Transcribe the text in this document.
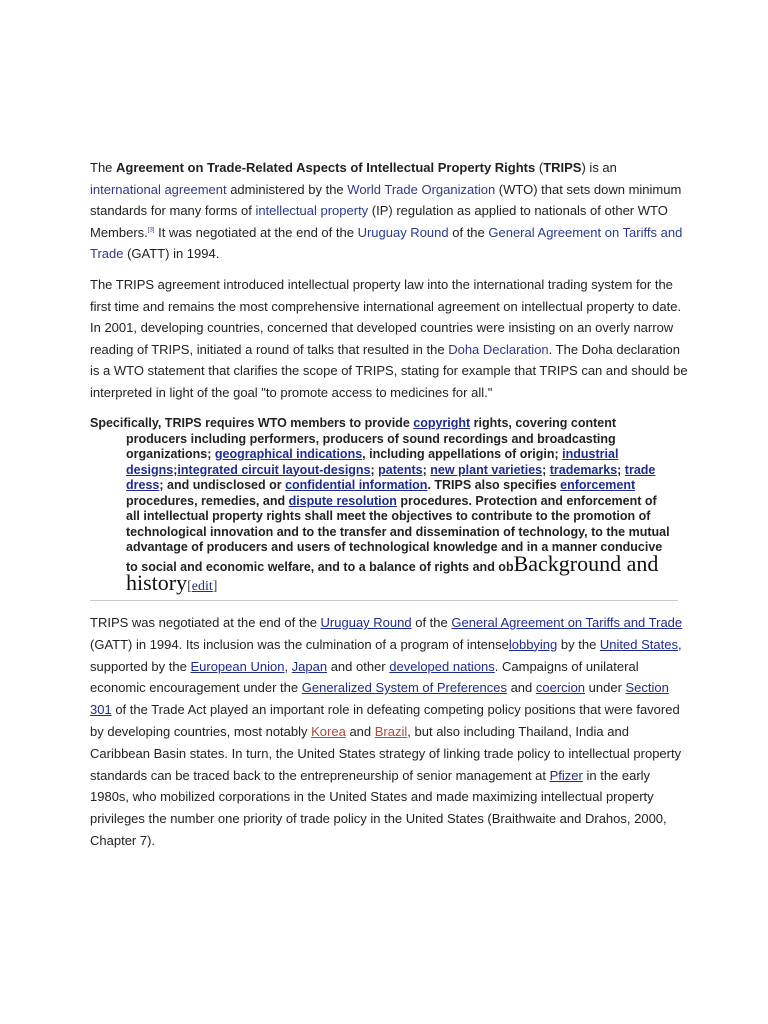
The Agreement on Trade-Related Aspects of Intellectual Property Rights (TRIPS) is an international agreement administered by the World Trade Organization (WTO) that sets down minimum standards for many forms of intellectual property (IP) regulation as applied to nationals of other WTO Members.[3] It was negotiated at the end of the Uruguay Round of the General Agreement on Tariffs and Trade (GATT) in 1994.
The TRIPS agreement introduced intellectual property law into the international trading system for the first time and remains the most comprehensive international agreement on intellectual property to date. In 2001, developing countries, concerned that developed countries were insisting on an overly narrow reading of TRIPS, initiated a round of talks that resulted in the Doha Declaration. The Doha declaration is a WTO statement that clarifies the scope of TRIPS, stating for example that TRIPS can and should be interpreted in light of the goal "to promote access to medicines for all."
Specifically, TRIPS requires WTO members to provide copyright rights, covering content
producers including performers, producers of sound recordings and broadcasting organizations; geographical indications, including appellations of origin; industrial designs;integrated circuit layout-designs; patents; new plant varieties; trademarks; trade dress; and undisclosed or confidential information. TRIPS also specifies enforcement procedures, remedies, and dispute resolution procedures. Protection and enforcement of all intellectual property rights shall meet the objectives to contribute to the promotion of technological innovation and to the transfer and dissemination of technology, to the mutual advantage of producers and users of technological knowledge and in a manner conducive to social and economic welfare, and to a balance of rights and obBackground and history[edit]
TRIPS was negotiated at the end of the Uruguay Round of the General Agreement on Tariffs and Trade (GATT) in 1994. Its inclusion was the culmination of a program of intenselobbying by the United States, supported by the European Union, Japan and other developed nations. Campaigns of unilateral economic encouragement under the Generalized System of Preferences and coercion under Section 301 of the Trade Act played an important role in defeating competing policy positions that were favored by developing countries, most notably Korea and Brazil, but also including Thailand, India and Caribbean Basin states. In turn, the United States strategy of linking trade policy to intellectual property standards can be traced back to the entrepreneurship of senior management at Pfizer in the early 1980s, who mobilized corporations in the United States and made maximizing intellectual property privileges the number one priority of trade policy in the United States (Braithwaite and Drahos, 2000, Chapter 7).
